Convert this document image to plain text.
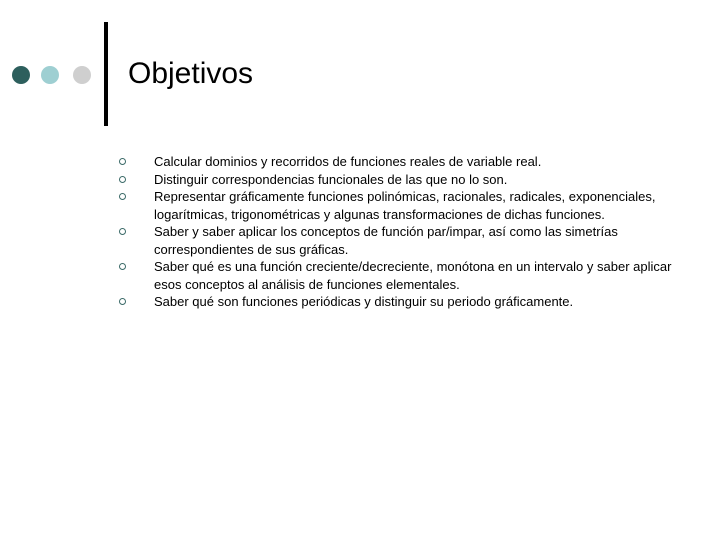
Objetivos
Calcular dominios y recorridos de funciones reales de variable real.
Distinguir correspondencias funcionales de las que no lo son.
Representar gráficamente funciones polinómicas, racionales, radicales, exponenciales, logarítmicas, trigonométricas y algunas transformaciones de dichas funciones.
Saber y saber aplicar los conceptos de función par/impar, así como las simetrías correspondientes de sus gráficas.
Saber qué es una función creciente/decreciente, monótona en un intervalo y saber aplicar esos conceptos al análisis de funciones elementales.
Saber qué son funciones periódicas y distinguir su periodo gráficamente.
